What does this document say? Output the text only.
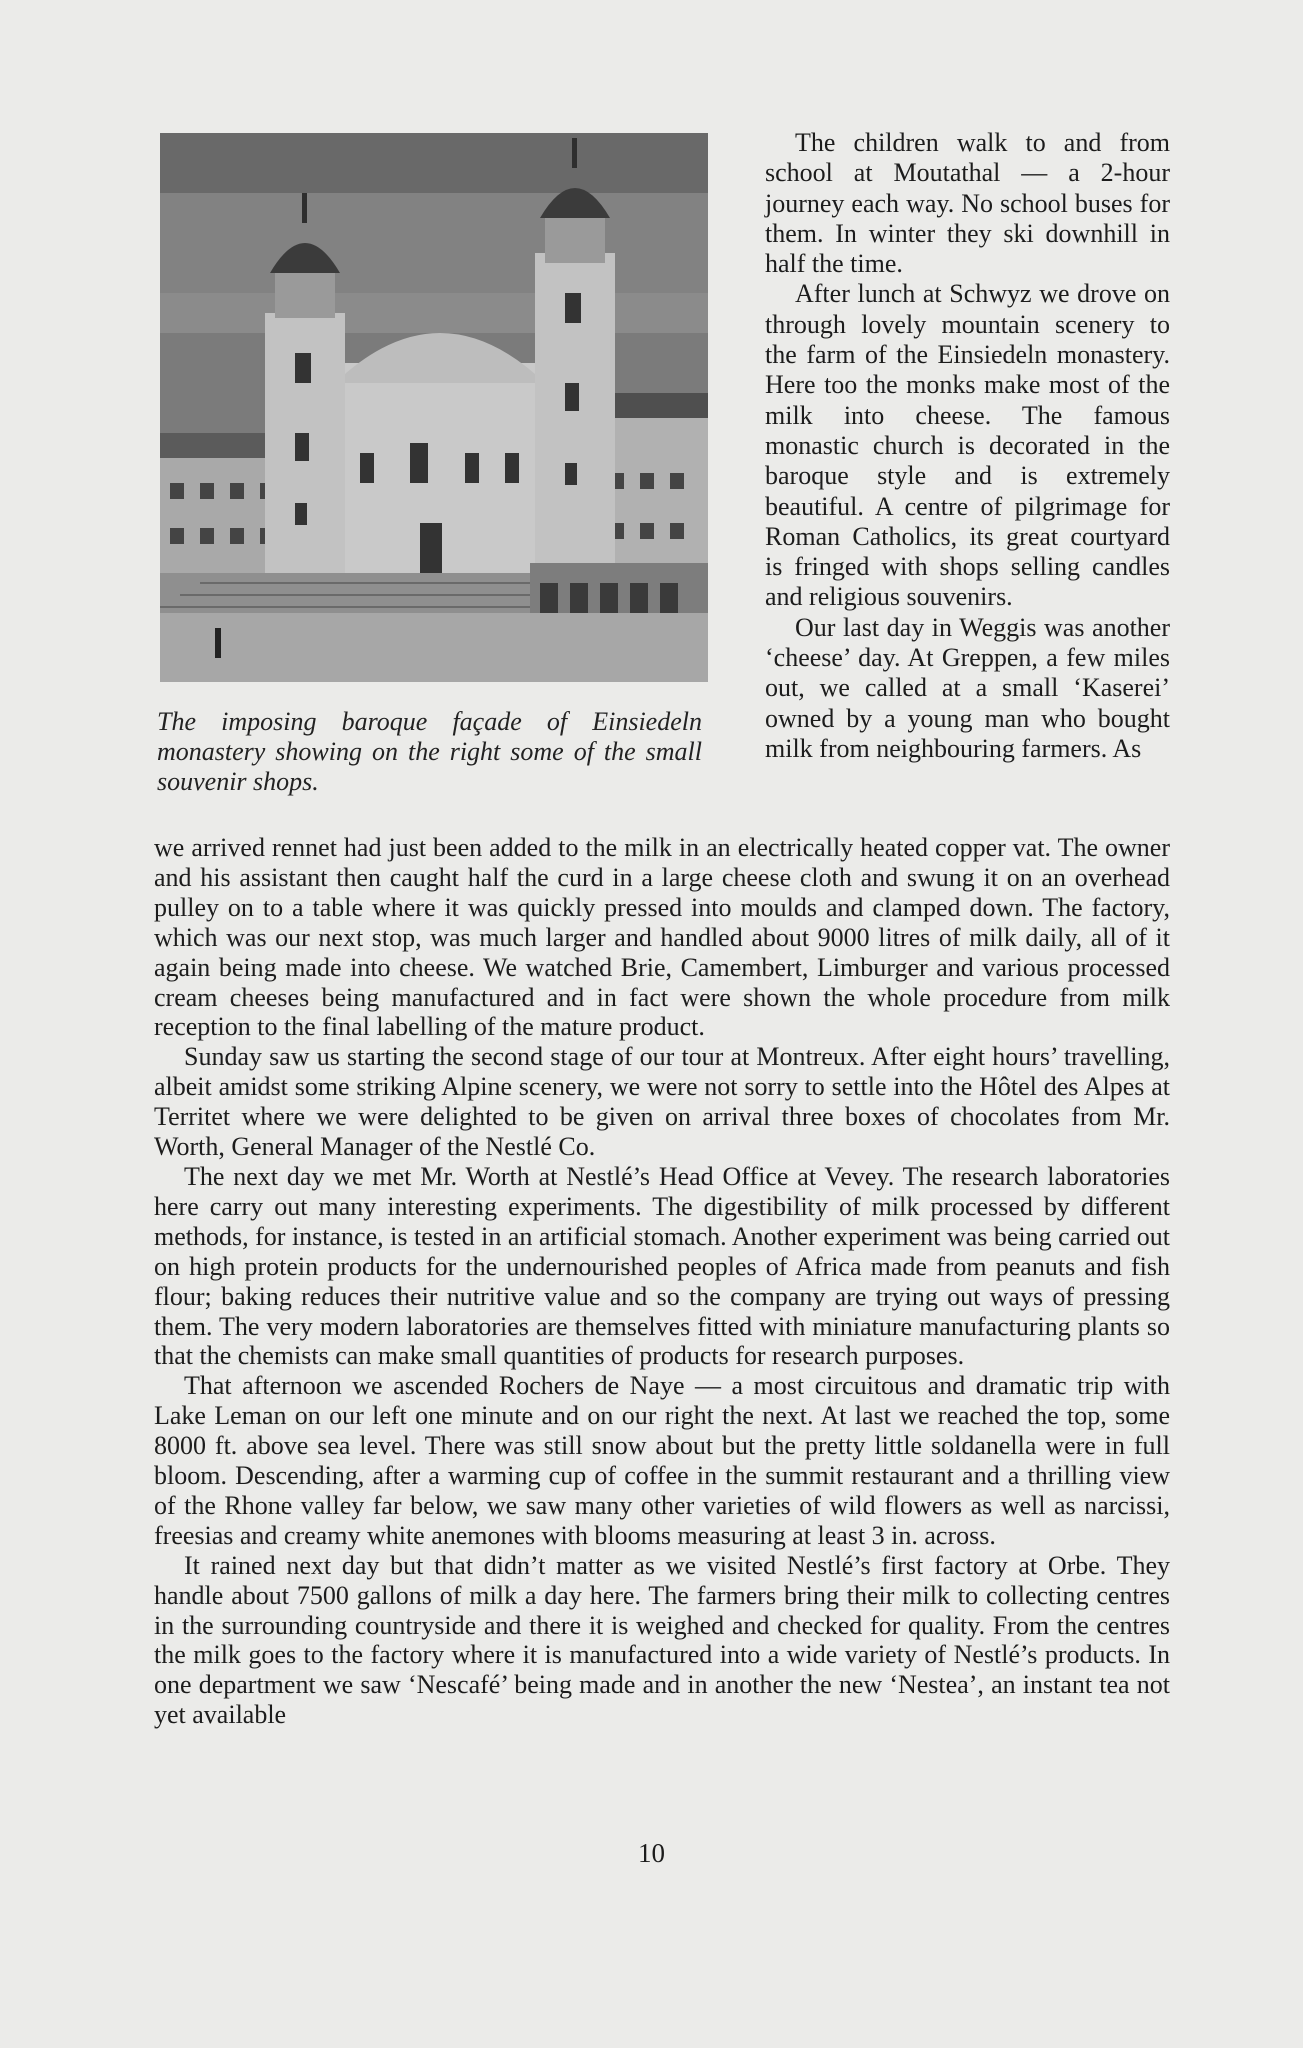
The imposing baroque façade of Einsiedeln monastery showing on the right some of the small souvenir shops.

The children walk to and from school at Moutathal — a 2-hour journey each way. No school buses for them. In winter they ski downhill in half the time.

After lunch at Schwyz we drove on through lovely mountain scenery to the farm of the Einsiedeln monastery. Here too the monks make most of the milk into cheese. The famous monastic church is decorated in the baroque style and is extremely beautiful. A centre of pilgrimage for Roman Catholics, its great courtyard is fringed with shops selling candles and religious souvenirs.

Our last day in Weggis was another ‘cheese’ day. At Greppen, a few miles out, we called at a small ‘Kaserei’ owned by a young man who bought milk from neighbouring farmers. As

we arrived rennet had just been added to the milk in an electrically heated copper vat. The owner and his assistant then caught half the curd in a large cheese cloth and swung it on an overhead pulley on to a table where it was quickly pressed into moulds and clamped down. The factory, which was our next stop, was much larger and handled about 9000 litres of milk daily, all of it again being made into cheese. We watched Brie, Camembert, Limburger and various processed cream cheeses being manufactured and in fact were shown the whole procedure from milk reception to the final labelling of the mature product.

Sunday saw us starting the second stage of our tour at Montreux. After eight hours’ travelling, albeit amidst some striking Alpine scenery, we were not sorry to settle into the Hôtel des Alpes at Territet where we were delighted to be given on arrival three boxes of chocolates from Mr. Worth, General Manager of the Nestlé Co.

The next day we met Mr. Worth at Nestlé’s Head Office at Vevey. The research laboratories here carry out many interesting experiments. The digestibility of milk processed by different methods, for instance, is tested in an artificial stomach. Another experiment was being carried out on high protein products for the undernourished peoples of Africa made from peanuts and fish flour; baking reduces their nutritive value and so the company are trying out ways of pressing them. The very modern laboratories are themselves fitted with miniature manufacturing plants so that the chemists can make small quantities of products for research purposes.

That afternoon we ascended Rochers de Naye — a most circuitous and dramatic trip with Lake Leman on our left one minute and on our right the next. At last we reached the top, some 8000 ft. above sea level. There was still snow about but the pretty little soldanella were in full bloom. Descending, after a warming cup of coffee in the summit restaurant and a thrilling view of the Rhone valley far below, we saw many other varieties of wild flowers as well as narcissi, freesias and creamy white anemones with blooms measuring at least 3 in. across.

It rained next day but that didn’t matter as we visited Nestlé’s first factory at Orbe. They handle about 7500 gallons of milk a day here. The farmers bring their milk to collecting centres in the surrounding countryside and there it is weighed and checked for quality. From the centres the milk goes to the factory where it is manufactured into a wide variety of Nestlé’s products. In one department we saw ‘Nescafé’ being made and in another the new ‘Nestea’, an instant tea not yet available

10
